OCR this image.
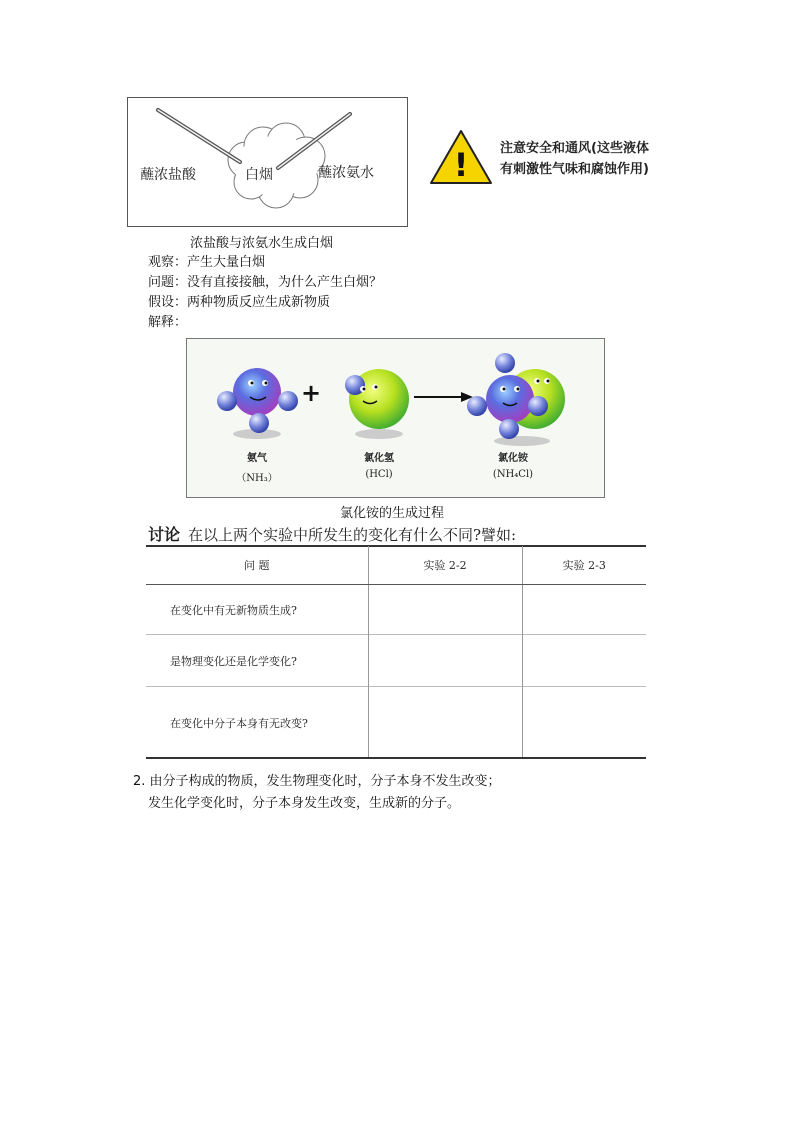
蘸浓盐酸	白烟	蘸浓氨水 ! 注意安全和通风(这些液体
有刺激性气味和腐蚀作用)
浓盐酸与浓氨水生成白烟
观察：产生大量白烟
问题：没有直接接触，为什么产生白烟？
假设：两种物质反应生成新物质
解释：
+
氨气
（NH₃）
氯化氢
(HCl)
氯化铵
(NH₄Cl)
氯化铵的生成过程
讨论 在以上两个实验中所发生的变化有什么不同?譬如:
问 题	实验 2-2	实验 2-3
在变化中有无新物质生成?		
是物理变化还是化学变化?		
在变化中分子本身有无改变?		
2. 由分子构成的物质，发生物理变化时，分子本身不发生改变；
发生化学变化时，分子本身发生改变，生成新的分子。
